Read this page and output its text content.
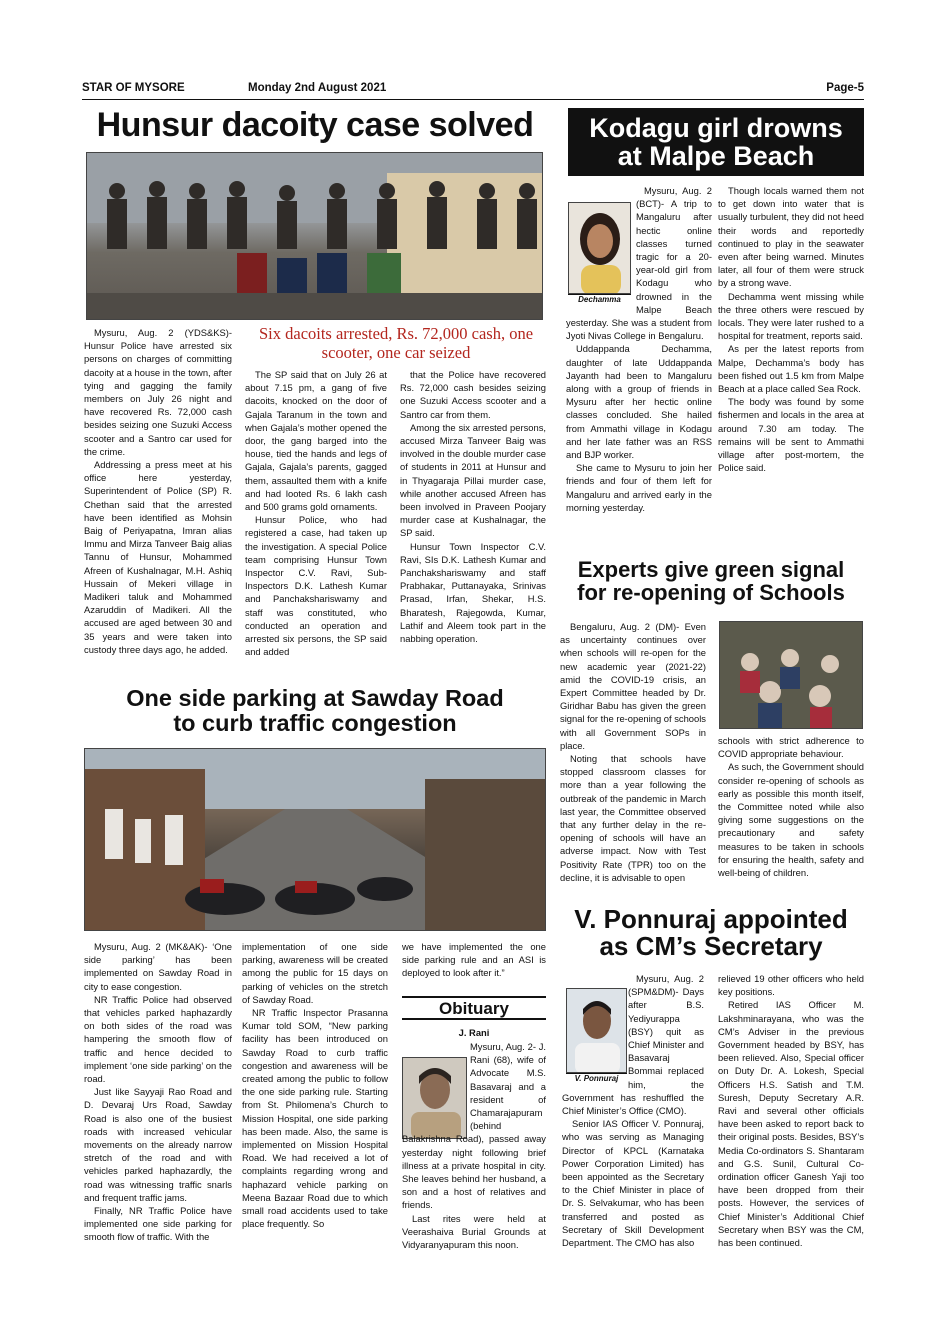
STAR OF MYSORE	Monday 2nd August 2021	Page-5
Hunsur dacoity case solved
Six dacoits arrested, Rs. 72,000 cash, one scooter, one car seized

Mysuru, Aug. 2 (YDS&KS)- Hunsur Police have arrested six persons on charges of committing dacoity at a house in the town, after tying and gagging the family members on July 26 night and have recovered Rs. 72,000 cash besides seizing one Suzuki Access scooter and a Santro car used for the crime.

Addressing a press meet at his office here yesterday, Superintendent of Police (SP) R. Chethan said that the arrested have been identified as Mohsin Baig of Periyapatna, Imran alias Immu and Mirza Tanveer Baig alias Tannu of Hunsur, Mohammed Afreen of Kushalnagar, M.H. Ashiq Hussain of Mekeri village in Madikeri taluk and Mohammed Azaruddin of Madikeri. All the accused are aged between 30 and 35 years and were taken into custody three days ago, he added.

The SP said that on July 26 at about 7.15 pm, a gang of five dacoits, knocked on the door of Gajala Taranum in the town and when Gajala’s mother opened the door, the gang barged into the house, tied the hands and legs of Gajala, Gajala’s parents, gagged them, assaulted them with a knife and had looted Rs. 6 lakh cash and 500 grams gold ornaments.

Hunsur Police, who had registered a case, had taken up the investigation. A special Police team comprising Hunsur Town Inspector C.V. Ravi, Sub-Inspectors D.K. Lathesh Kumar and Panchakshariswamy and staff was constituted, who conducted an operation and arrested six persons, the SP said and added

that the Police have recovered Rs. 72,000 cash besides seizing one Suzuki Access scooter and a Santro car from them.

Among the six arrested persons, accused Mirza Tanveer Baig was involved in the double murder case of students in 2011 at Hunsur and in Thyagaraja Pillai murder case, while another accused Afreen has been involved in Praveen Poojary murder case at Kushalnagar, the SP said.

Hunsur Town Inspector C.V. Ravi, SIs D.K. Lathesh Kumar and Panchakshariswamy and staff Prabhakar, Puttanayaka, Srinivas Prasad, Irfan, Shekar, H.S. Bharatesh, Rajegowda, Kumar, Lathif and Aleem took part in the nabbing operation.

Kodagu girl drowns
at Malpe Beach
Dechamma

Mysuru, Aug. 2 (BCT)- A trip to Mangaluru after hectic online classes turned tragic for a 20-year-old girl from Kodagu who drowned in the Malpe Beach yesterday. She was a student from Jyoti Nivas College in Bengaluru.

Uddappanda Dechamma, daughter of late Uddappanda Jayanth had been to Mangaluru along with a group of friends in Mysuru after her hectic online classes concluded. She hailed from Ammathi village in Kodagu and her late father was an RSS and BJP worker.

She came to Mysuru to join her friends and four of them left for Mangaluru and arrived early in the morning yesterday.

Though locals warned them not to get down into water that is usually turbulent, they did not heed their words and reportedly continued to play in the seawater even after being warned. Minutes later, all four of them were struck by a strong wave.

Dechamma went missing while the three others were rescued by locals. They were later rushed to a hospital for treatment, reports said.

As per the latest reports from Malpe, Dechamma’s body has been fished out 1.5 km from Malpe Beach at a place called Sea Rock.

The body was found by some fishermen and locals in the area at around 7.30 am today. The remains will be sent to Ammathi village after post-mortem, the Police said.

Experts give green signal
for re-opening of Schools

Bengaluru, Aug. 2 (DM)- Even as uncertainty continues over when schools will re-open for the new academic year (2021-22) amid the COVID-19 crisis, an Expert Committee headed by Dr. Giridhar Babu has given the green signal for the re-opening of schools with all Government SOPs in place.

Noting that schools have stopped classroom classes for more than a year following the outbreak of the pandemic in March last year, the Committee observed that any further delay in the re-opening of schools will have an adverse impact. Now with Test Positivity Rate (TPR) too on the decline, it is advisable to open

schools with strict adherence to COVID appropriate behaviour.

As such, the Government should consider re-opening of schools as early as possible this month itself, the Committee noted while also giving some suggestions on the precautionary and safety measures to be taken in schools for ensuring the health, safety and well-being of children.

V. Ponnuraj appointed
as CM’s Secretary
V. Ponnuraj

Mysuru, Aug. 2 (SPM&DM)- Days after B.S. Yediyurappa (BSY) quit as Chief Minister and Basavaraj Bommai replaced him, the Government has reshuffled the Chief Minister’s Office (CMO).

Senior IAS Officer V. Ponnuraj, who was serving as Managing Director of KPCL (Karnataka Power Corporation Limited) has been appointed as the Secretary to the Chief Minister in place of Dr. S. Selvakumar, who has been transferred and posted as Secretary of Skill Development Department. The CMO has also

relieved 19 other officers who held key positions.

Retired IAS Officer M. Lakshminarayana, who was the CM’s Adviser in the previous Government headed by BSY, has been relieved. Also, Special officer on Duty Dr. A. Lokesh, Special Officers H.S. Satish and T.M. Suresh, Deputy Secretary A.R. Ravi and several other officials have been asked to report back to their original posts. Besides, BSY’s Media Co-ordinators S. Shantaram and G.S. Sunil, Cultural Co-ordination officer Ganesh Yaji too have been dropped from their posts. However, the services of Chief Minister’s Additional Chief Secretary when BSY was the CM, has been continued.

One side parking at Sawday Road
to curb traffic congestion

Mysuru, Aug. 2 (MK&AK)- ‘One side parking’ has been implemented on Sawday Road in city to ease congestion.

NR Traffic Police had observed that vehicles parked haphazardly on both sides of the road was hampering the smooth flow of traffic and hence decided to implement ‘one side parking’ on the road.

Just like Sayyaji Rao Road and D. Devaraj Urs Road, Sawday Road is also one of the busiest roads with increased vehicular movements on the already narrow stretch of the road and with vehicles parked haphazardly, the road was witnessing traffic snarls and frequent traffic jams.

Finally, NR Traffic Police have implemented one side parking for smooth flow of traffic. With the

implementation of one side parking, awareness will be created among the public for 15 days on parking of vehicles on the stretch of Sawday Road.

NR Traffic Inspector Prasanna Kumar told SOM, “New parking facility has been introduced on Sawday Road to curb traffic congestion and awareness will be created among the public to follow the one side parking rule. Starting from St. Philomena’s Church to Mission Hospital, one side parking has been made. Also, the same is implemented on Mission Hospital Road. We had received a lot of complaints regarding wrong and haphazard vehicle parking on Meena Bazaar Road due to which small road accidents used to take place frequently. So

we have implemented the one side parking rule and an ASI is deployed to look after it.”

Obituary
J. Rani

Mysuru, Aug. 2- J. Rani (68), wife of Advocate M.S. Basavaraj and a resident of Chamarajapuram (behind Balakrishna Road), passed away yesterday night following brief illness at a private hospital in city. She leaves behind her husband, a son and a host of relatives and friends.

Last rites were held at Veerashaiva Burial Grounds at Vidyaranyapuram this noon.
